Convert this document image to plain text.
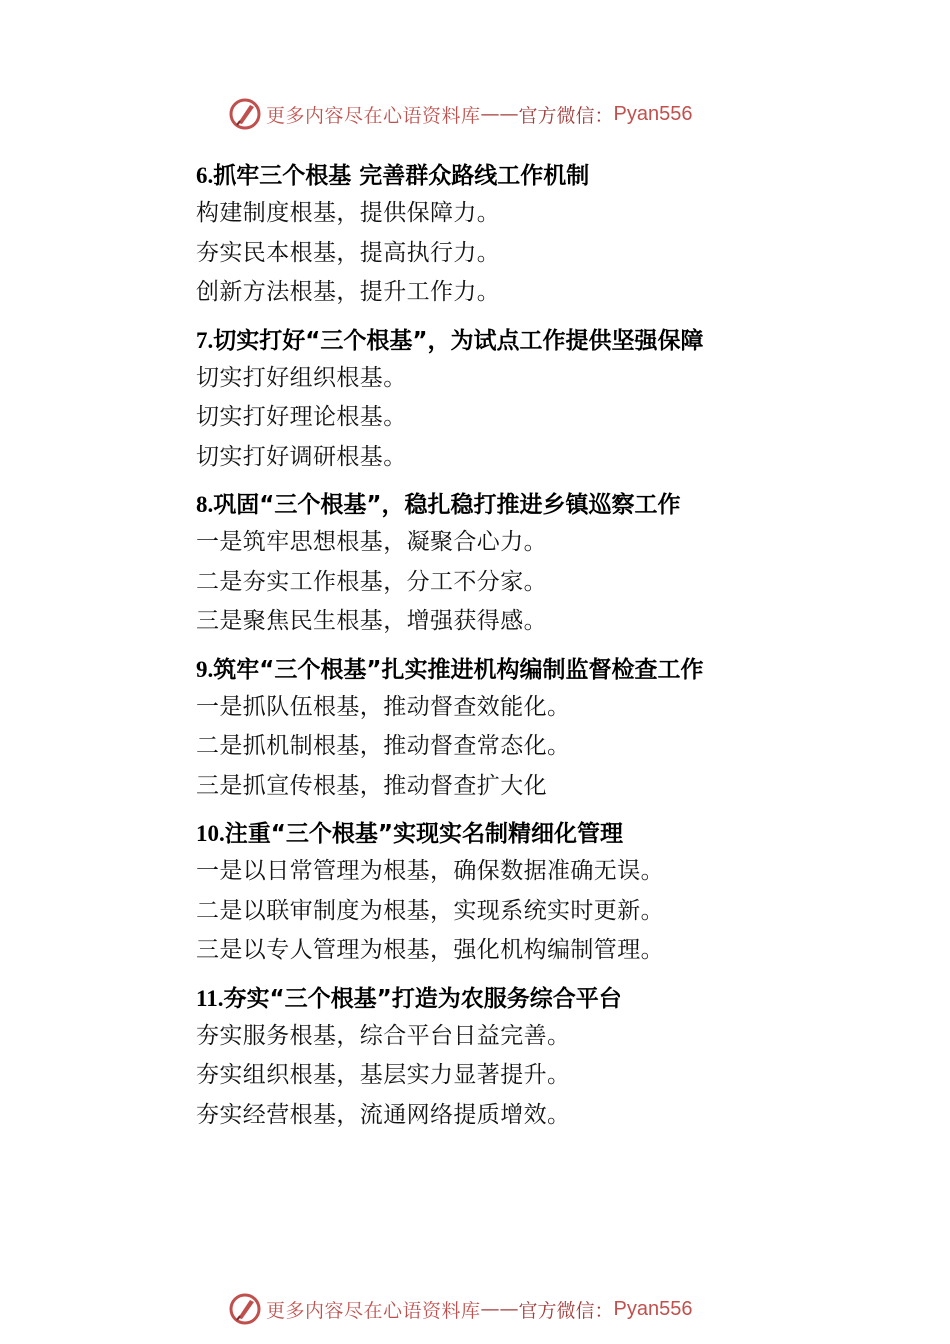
更多内容尽在心语资料库 —— 官方微信： Pyan556
6.抓牢三个根基 完善群众路线工作机制
构建制度根基，提供保障力。
夯实民本根基，提高执行力。
创新方法根基，提升工作力。
7.切实打好“三个根基”，为试点工作提供坚强保障
切实打好组织根基。
切实打好理论根基。
切实打好调研根基。
8.巩固“三个根基”，稳扎稳打推进乡镇巡察工作
一是筑牢思想根基，凝聚合心力。
二是夯实工作根基，分工不分家。
三是聚焦民生根基，增强获得感。
9.筑牢“三个根基”扎实推进机构编制监督检查工作
一是抓队伍根基，推动督查效能化。
二是抓机制根基，推动督查常态化。
三是抓宣传根基，推动督查扩大化
10.注重“三个根基”实现实名制精细化管理
一是以日常管理为根基，确保数据准确无误。
二是以联审制度为根基，实现系统实时更新。
三是以专人管理为根基，强化机构编制管理。
11.夯实“三个根基”打造为农服务综合平台
夯实服务根基，综合平台日益完善。
夯实组织根基，基层实力显著提升。
夯实经营根基，流通网络提质增效。
更多内容尽在心语资料库 —— 官方微信： Pyan556
